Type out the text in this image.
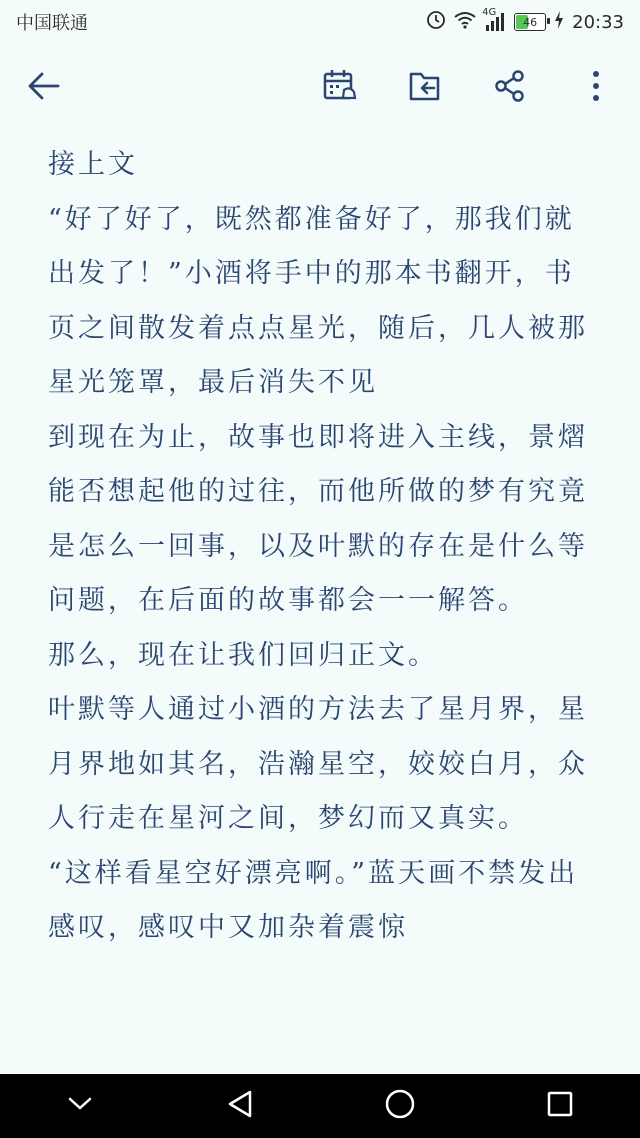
中国联通
4G
46 20:33

接上文

“好了好了，既然都准备好了，那我们就出发了！”小酒将手中的那本书翻开，书页之间散发着点点星光，随后，几人被那星光笼罩，最后消失不见

到现在为止，故事也即将进入主线，景熠能否想起他的过往，而他所做的梦有究竟是怎么一回事，以及叶默的存在是什么等问题，在后面的故事都会一一解答。

那么，现在让我们回归正文。

叶默等人通过小酒的方法去了星月界，星月界地如其名，浩瀚星空，姣姣白月，众人行走在星河之间，梦幻而又真实。

“这样看星空好漂亮啊。”蓝天画不禁发出感叹，感叹中又加杂着震惊
